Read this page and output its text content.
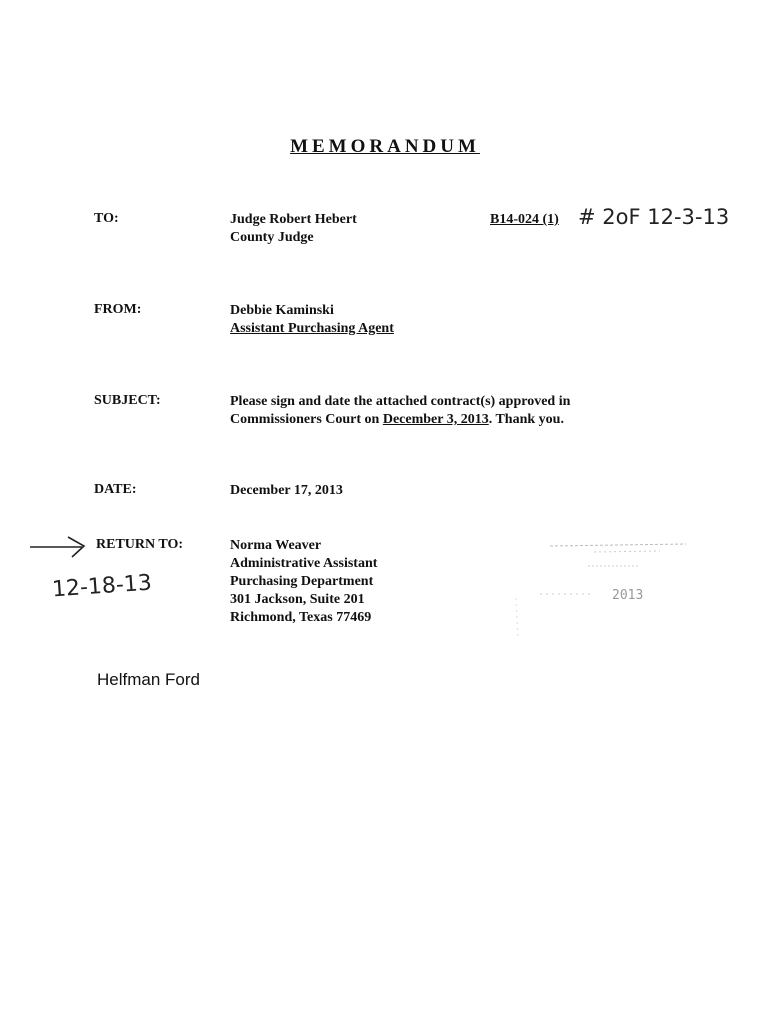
MEMORANDUM
TO:	Judge Robert Hebert
County Judge
B14-024 (1) # 2oF 12-3-13
FROM:	Debbie Kaminski
Assistant Purchasing Agent
SUBJECT:	Please sign and date the attached contract(s) approved in
Commissioners Court on December 3, 2013. Thank you.
DATE:	December 17, 2013
RETURN TO:	Norma Weaver
Administrative Assistant
Purchasing Department
301 Jackson, Suite 201
Richmond, Texas 77469
12-18-13	2013
Helfman Ford
